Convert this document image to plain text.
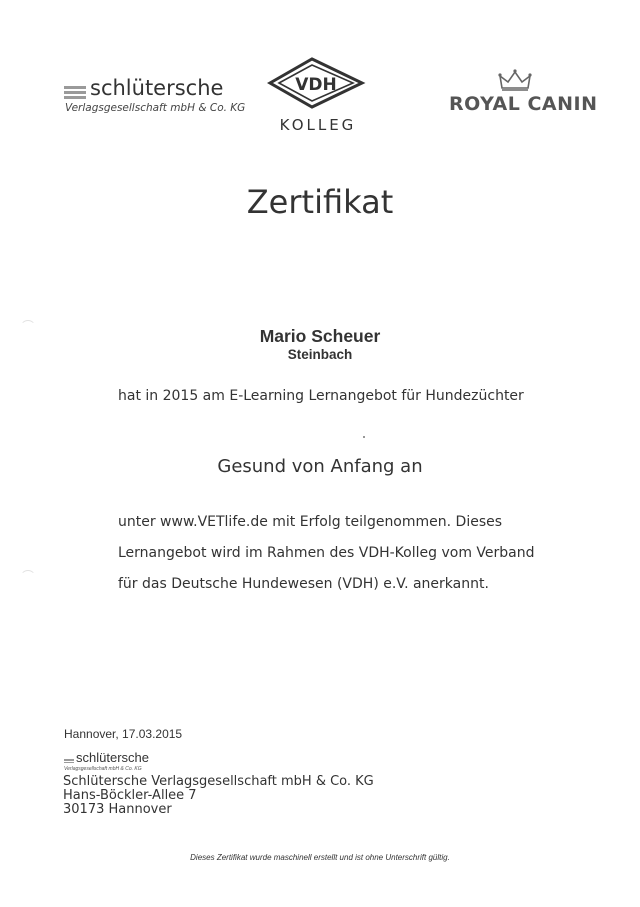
schlütersche
Verlagsgesellschaft mbH & Co. KG
VDH
KOLLEG
ROYAL CANIN
Zertifikat
Mario Scheuer
Steinbach
hat in 2015 am E-Learning Lernangebot für Hundezüchter
Gesund von Anfang an
unter www.VETlife.de mit Erfolg teilgenommen. Dieses
Lernangebot wird im Rahmen des VDH-Kolleg vom Verband
für das Deutsche Hundewesen (VDH) e.V. anerkannt.
Hannover, 17.03.2015
schlütersche
Verlagsgesellschaft mbH & Co. KG
Schlütersche Verlagsgesellschaft mbH & Co. KG
Hans-Böckler-Allee 7
30173 Hannover
Dieses Zertifikat wurde maschinell erstellt und ist ohne Unterschrift gültig.
